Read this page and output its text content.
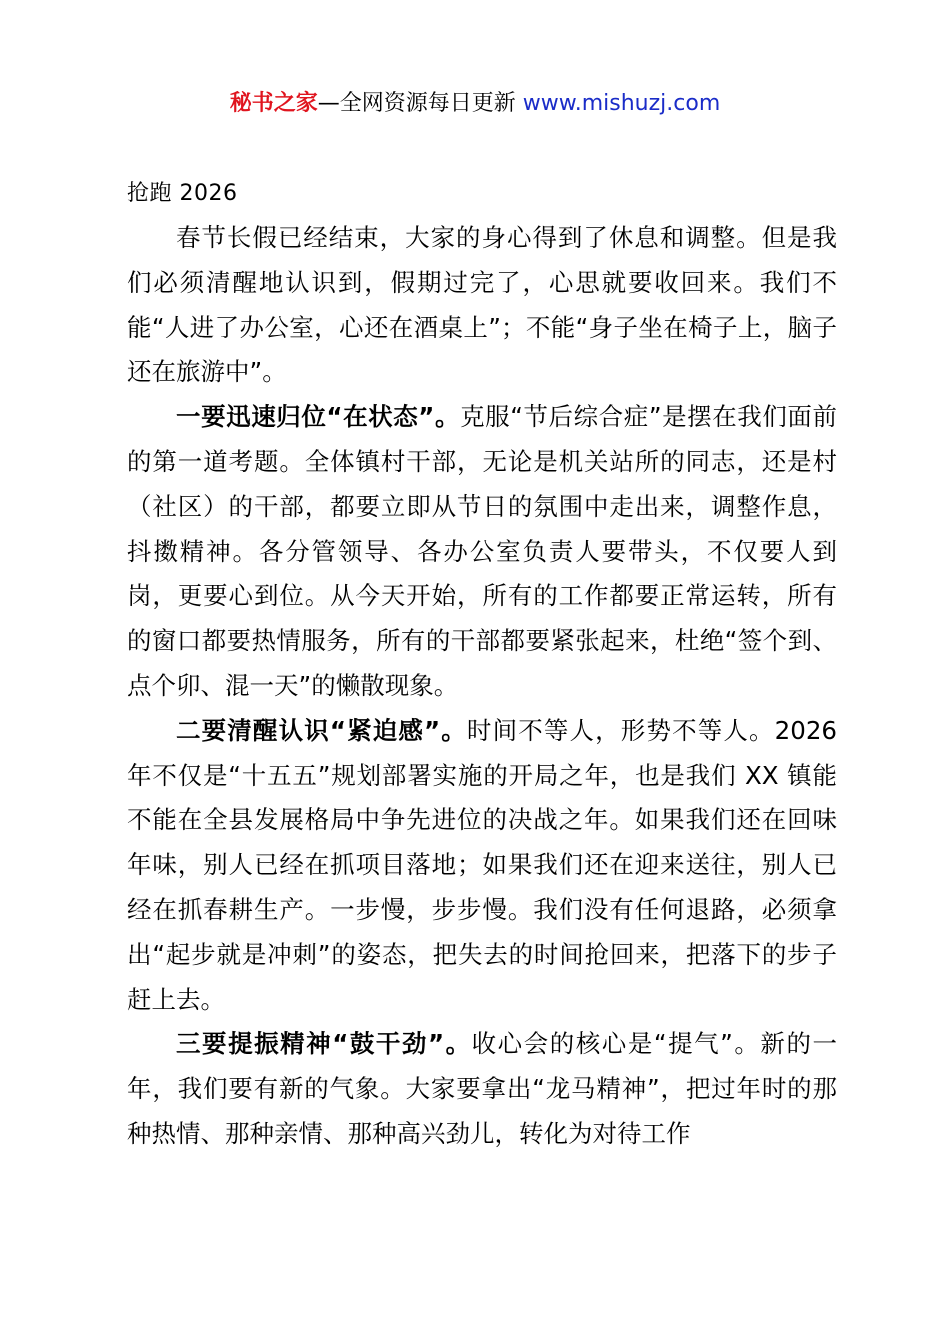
秘书之家—全网资源每日更新 www.mishuzj.com
抢跑 2026

春节长假已经结束，大家的身心得到了休息和调整。但是我们必须清醒地认识到，假期过完了，心思就要收回来。我们不能“人进了办公室，心还在酒桌上”；不能“身子坐在椅子上，脑子还在旅游中”。

一要迅速归位“在状态”。克服“节后综合症”是摆在我们面前的第一道考题。全体镇村干部，无论是机关站所的同志，还是村（社区）的干部，都要立即从节日的氛围中走出来，调整作息，抖擞精神。各分管领导、各办公室负责人要带头，不仅要人到岗，更要心到位。从今天开始，所有的工作都要正常运转，所有的窗口都要热情服务，所有的干部都要紧张起来，杜绝“签个到、点个卯、混一天”的懒散现象。

二要清醒认识“紧迫感”。时间不等人，形势不等人。2026 年不仅是“十五五”规划部署实施的开局之年，也是我们 XX 镇能不能在全县发展格局中争先进位的决战之年。如果我们还在回味年味，别人已经在抓项目落地；如果我们还在迎来送往，别人已经在抓春耕生产。一步慢，步步慢。我们没有任何退路，必须拿出“起步就是冲刺”的姿态，把失去的时间抢回来，把落下的步子赶上去。

三要提振精神“鼓干劲”。收心会的核心是“提气”。新的一年，我们要有新的气象。大家要拿出“龙马精神”，把过年时的那种热情、那种亲情、那种高兴劲儿，转化为对待工作
